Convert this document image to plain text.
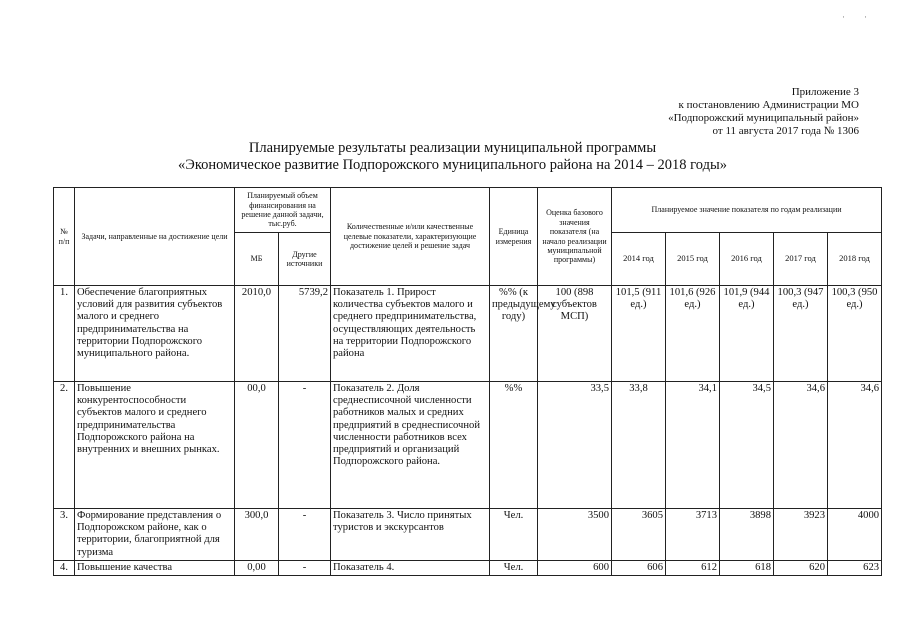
· ·
Приложение 3
к постановлению Администрации МО
«Подпорожский муниципальный район»
от 11 августа 2017 года № 1306
Планируемые результаты реализации муниципальной программы
«Экономическое развитие Подпорожского муниципального района на 2014 – 2018 годы»
№ п/п	Задачи, направленные на достижение цели	Планируемый объем финансирования на решение данной задачи, тыс.руб.		Количественные и/или качественные целевые показатели, характеризующие достижение целей и решение задач	Единица измерения	Оценка базового значения показателя (на начало реализации муниципальной программы)	Планируемое значение показателя по годам реализации				
		МБ	Другие источники				2014 год	2015 год	2016 год	2017 год	2018 год
1.	Обеспечение благоприятных условий для развития субъектов малого и среднего предпринимательства на территории Подпорожского муниципального района.	2010,0	5739,2	Показатель 1. Прирост количества субъектов малого и среднего предпринимательства, осуществляющих деятельность на территории Подпорожского района	%% (к предыдущему году)	100 (898 субъектов МСП)	101,5 (911 ед.)	101,6 (926 ед.)	101,9 (944 ед.)	100,3 (947 ед.)	100,3 (950 ед.)
2.	Повышение конкурентоспособности субъектов малого и среднего предпринимательства Подпорожского района на внутренних и внешних рынках.	00,0	-	Показатель 2. Доля среднесписочной численности работников малых и средних предприятий в среднесписочной численности работников всех предприятий и организаций Подпорожского района.	%%	33,5	33,8	34,1	34,5	34,6	34,6
3.	Формирование представления о Подпорожском районе, как о территории, благоприятной для туризма	300,0	-	Показатель 3. Число принятых туристов и экскурсантов	Чел.	3500	3605	3713	3898	3923	4000
4.	Повышение качества	0,00	-	Показатель 4.	Чел.	600	606	612	618	620	623
